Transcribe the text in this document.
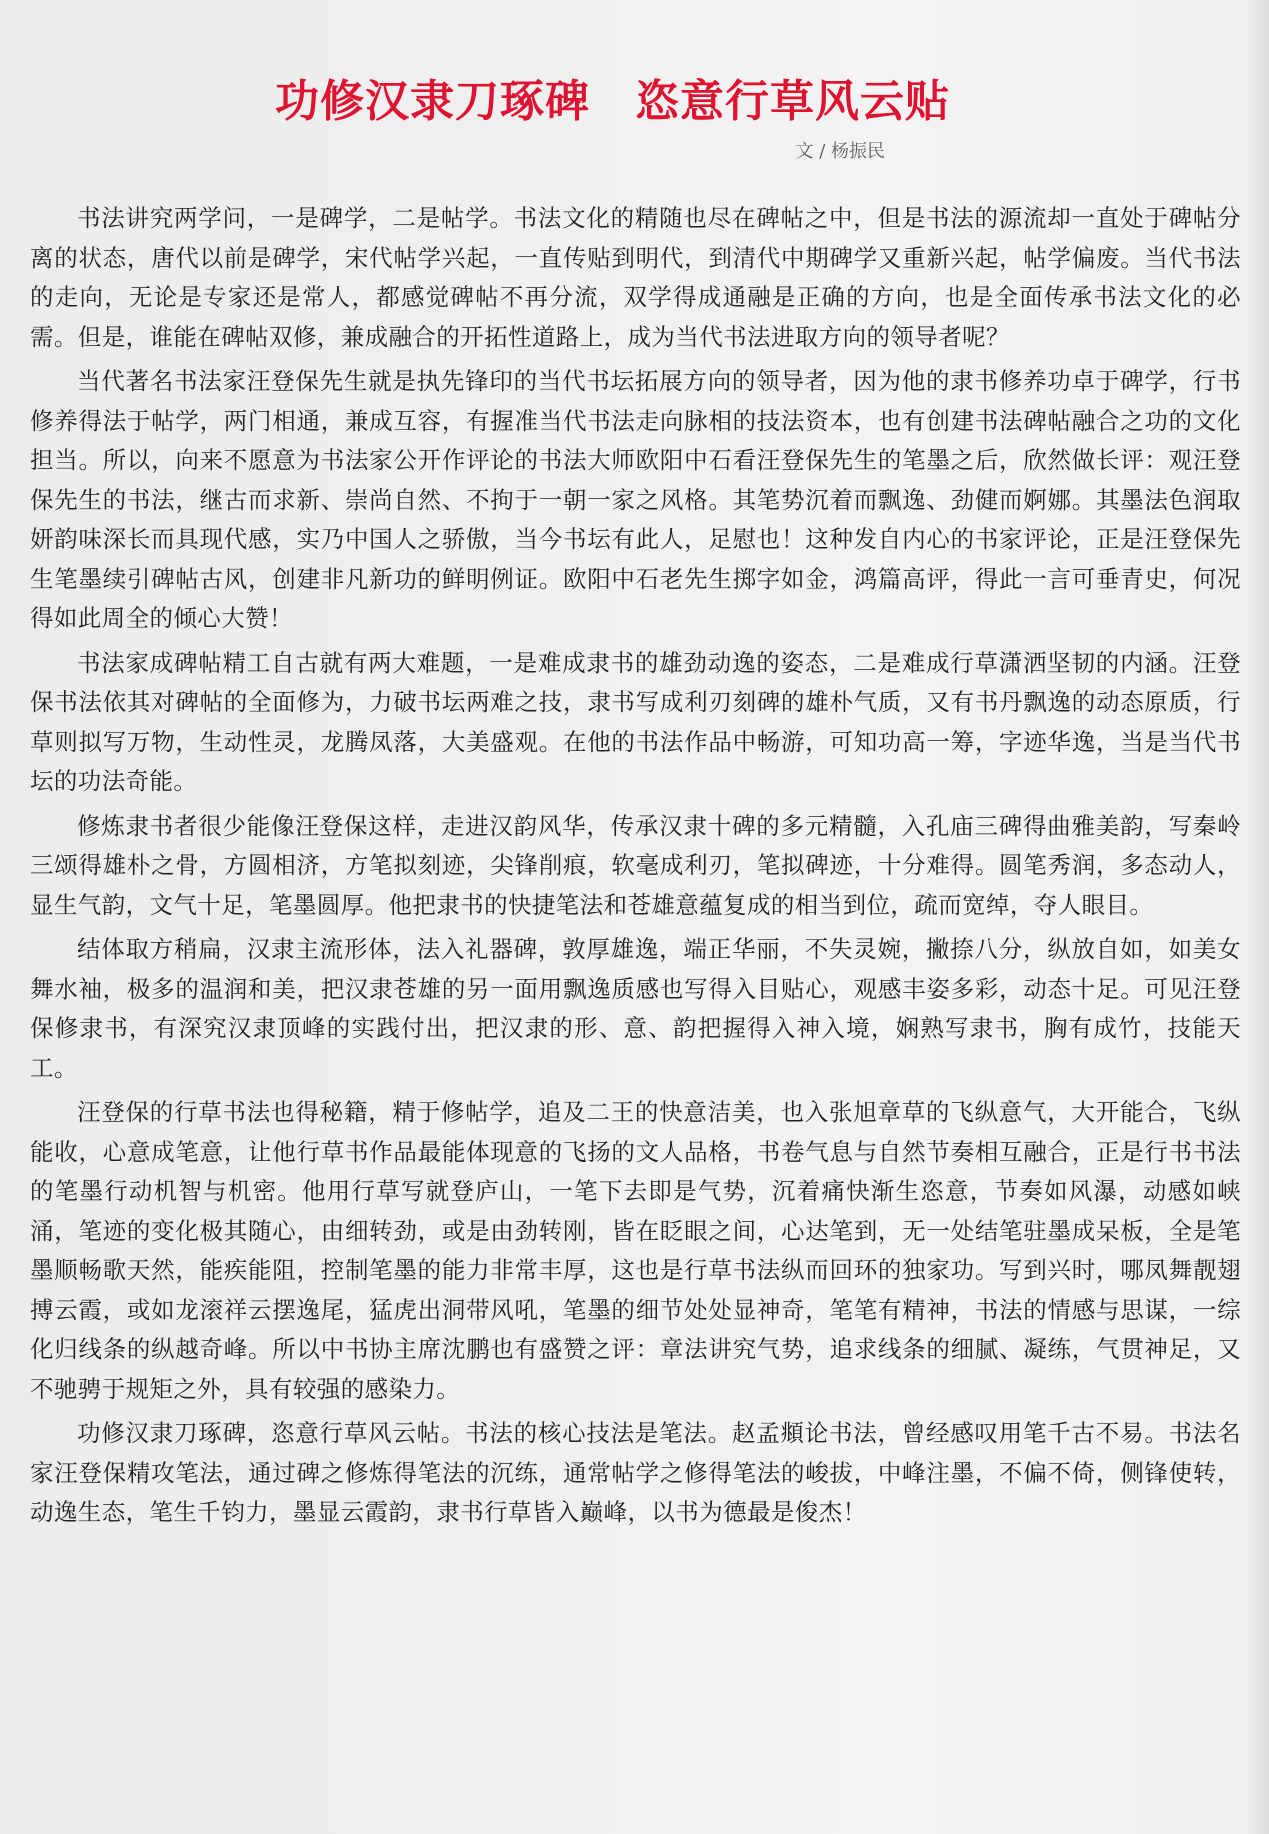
功修汉隶刀琢碑　恣意行草风云贴
文 / 杨振民

书法讲究两学问，一是碑学，二是帖学。书法文化的精随也尽在碑帖之中，但是书法的源流却一直处于碑帖分离的状态，唐代以前是碑学，宋代帖学兴起，一直传贴到明代，到清代中期碑学又重新兴起，帖学偏废。当代书法的走向，无论是专家还是常人，都感觉碑帖不再分流，双学得成通融是正确的方向，也是全面传承书法文化的必需。但是，谁能在碑帖双修，兼成融合的开拓性道路上，成为当代书法进取方向的领导者呢？

当代著名书法家汪登保先生就是执先锋印的当代书坛拓展方向的领导者，因为他的隶书修养功卓于碑学，行书修养得法于帖学，两门相通，兼成互容，有握准当代书法走向脉相的技法资本，也有创建书法碑帖融合之功的文化担当。所以，向来不愿意为书法家公开作评论的书法大师欧阳中石看汪登保先生的笔墨之后，欣然做长评：观汪登保先生的书法，继古而求新、崇尚自然、不拘于一朝一家之风格。其笔势沉着而飘逸、劲健而婀娜。其墨法色润取妍韵味深长而具现代感，实乃中国人之骄傲，当今书坛有此人，足慰也！这种发自内心的书家评论，正是汪登保先生笔墨续引碑帖古风，创建非凡新功的鲜明例证。欧阳中石老先生掷字如金，鸿篇高评，得此一言可垂青史，何况得如此周全的倾心大赞！

书法家成碑帖精工自古就有两大难题，一是难成隶书的雄劲动逸的姿态，二是难成行草潇洒坚韧的内涵。汪登保书法依其对碑帖的全面修为，力破书坛两难之技，隶书写成利刃刻碑的雄朴气质，又有书丹飘逸的动态原质，行草则拟写万物，生动性灵，龙腾凤落，大美盛观。在他的书法作品中畅游，可知功高一筹，字迹华逸，当是当代书坛的功法奇能。

修炼隶书者很少能像汪登保这样，走进汉韵风华，传承汉隶十碑的多元精髓，入孔庙三碑得曲雅美韵，写秦岭三颂得雄朴之骨，方圆相济，方笔拟刻迹，尖锋削痕，软毫成利刃，笔拟碑迹，十分难得。圆笔秀润，多态动人，显生气韵，文气十足，笔墨圆厚。他把隶书的快捷笔法和苍雄意蕴复成的相当到位，疏而宽绰，夺人眼目。

结体取方稍扁，汉隶主流形体，法入礼器碑，敦厚雄逸，端正华丽，不失灵婉，撇捺八分，纵放自如，如美女舞水袖，极多的温润和美，把汉隶苍雄的另一面用飘逸质感也写得入目贴心，观感丰姿多彩，动态十足。可见汪登保修隶书，有深究汉隶顶峰的实践付出，把汉隶的形、意、韵把握得入神入境，娴熟写隶书，胸有成竹，技能天工。

汪登保的行草书法也得秘籍，精于修帖学，追及二王的快意洁美，也入张旭章草的飞纵意气，大开能合，飞纵能收，心意成笔意，让他行草书作品最能体现意的飞扬的文人品格，书卷气息与自然节奏相互融合，正是行书书法的笔墨行动机智与机密。他用行草写就登庐山，一笔下去即是气势，沉着痛快渐生恣意，节奏如风瀑，动感如峡涌，笔迹的变化极其随心，由细转劲，或是由劲转刚，皆在眨眼之间，心达笔到，无一处结笔驻墨成呆板，全是笔墨顺畅歌天然，能疾能阻，控制笔墨的能力非常丰厚，这也是行草书法纵而回环的独家功。写到兴时，哪凤舞靓翅搏云霞，或如龙滚祥云摆逸尾，猛虎出洞带风吼，笔墨的细节处处显神奇，笔笔有精神，书法的情感与思谋，一综化归线条的纵越奇峰。所以中书协主席沈鹏也有盛赞之评：章法讲究气势，追求线条的细腻、凝练，气贯神足，又不驰骋于规矩之外，具有较强的感染力。

功修汉隶刀琢碑，恣意行草风云帖。书法的核心技法是笔法。赵孟頫论书法，曾经感叹用笔千古不易。书法名家汪登保精攻笔法，通过碑之修炼得笔法的沉练，通常帖学之修得笔法的峻拔，中峰注墨，不偏不倚，侧锋使转，动逸生态，笔生千钧力，墨显云霞韵，隶书行草皆入巅峰，以书为德最是俊杰！
